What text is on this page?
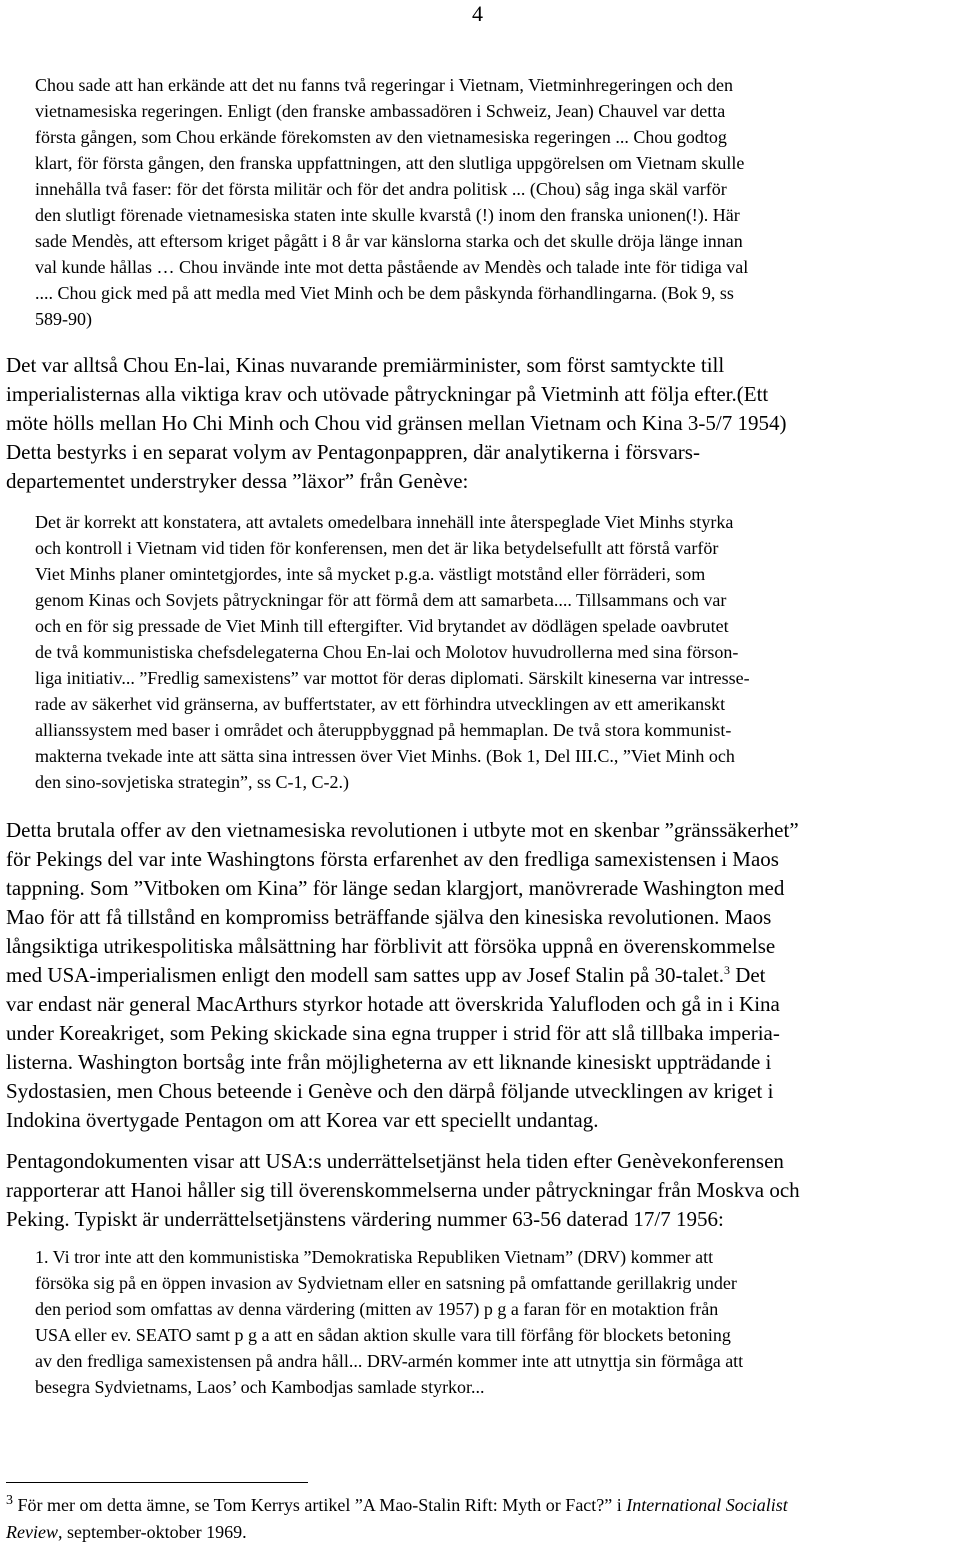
4
Chou sade att han erkände att det nu fanns två regeringar i Vietnam, Vietminhregeringen och den
vietnamesiska regeringen. Enligt (den franske ambassadören i Schweiz, Jean) Chauvel var detta
första gången, som Chou erkände förekomsten av den vietnamesiska regeringen ... Chou godtog
klart, för första gången, den franska uppfattningen, att den slutliga uppgörelsen om Vietnam skulle
innehålla två faser: för det första militär och för det andra politisk ... (Chou) såg inga skäl varför
den slutligt förenade vietnamesiska staten inte skulle kvarstå (!) inom den franska unionen(!). Här
sade Mendès, att eftersom kriget pågått i 8 år var känslorna starka och det skulle dröja länge innan
val kunde hållas … Chou invände inte mot detta påstående av Mendès och talade inte för tidiga val
.... Chou gick med på att medla med Viet Minh och be dem påskynda förhandlingarna. (Bok 9, ss
589-90)
Det var alltså Chou En-lai, Kinas nuvarande premiärminister, som först samtyckte till
imperialisternas alla viktiga krav och utövade påtryckningar på Vietminh att följa efter.(Ett
möte hölls mellan Ho Chi Minh och Chou vid gränsen mellan Vietnam och Kina 3-5/7 1954)
Detta bestyrks i en separat volym av Pentagonpappren, där analytikerna i försvars-
departementet understryker dessa ”läxor” från Genève:
Det är korrekt att konstatera, att avtalets omedelbara innehäll inte återspeglade Viet Minhs styrka
och kontroll i Vietnam vid tiden för konferensen, men det är lika betydelsefullt att förstå varför
Viet Minhs planer omintetgjordes, inte så mycket p.g.a. västligt motstånd eller förräderi, som
genom Kinas och Sovjets påtryckningar för att förmå dem att samarbeta.... Tillsammans och var
och en för sig pressade de Viet Minh till eftergifter. Vid brytandet av dödlägen spelade oavbrutet
de två kommunistiska chefsdelegaterna Chou En-lai och Molotov huvudrollerna med sina förson-
liga initiativ... ”Fredlig samexistens” var mottot för deras diplomati. Särskilt kineserna var intresse-
rade av säkerhet vid gränserna, av buffertstater, av ett förhindra utvecklingen av ett amerikanskt
allianssystem med baser i området och återuppbyggnad på hemmaplan. De två stora kommunist-
makterna tvekade inte att sätta sina intressen över Viet Minhs. (Bok 1, Del III.C., ”Viet Minh och
den sino-sovjetiska strategin”, ss C-1, C-2.)
Detta brutala offer av den vietnamesiska revolutionen i utbyte mot en skenbar ”gränssäkerhet”
för Pekings del var inte Washingtons första erfarenhet av den fredliga samexistensen i Maos
tappning. Som ”Vitboken om Kina” för länge sedan klargjort, manövrerade Washington med
Mao för att få tillstånd en kompromiss beträffande själva den kinesiska revolutionen. Maos
långsiktiga utrikespolitiska målsättning har förblivit att försöka uppnå en överenskommelse
med USA-imperialismen enligt den modell sam sattes upp av Josef Stalin på 30-talet.$^3$ Det
var endast när general MacArthurs styrkor hotade att överskrida Yalufloden och gå in i Kina
under Koreakriget, som Peking skickade sina egna trupper i strid för att slå tillbaka imperia-
listerna. Washington bortsåg inte från möjligheterna av ett liknande kinesiskt uppträdande i
Sydostasien, men Chous beteende i Genève och den därpå följande utvecklingen av kriget i
Indokina övertygade Pentagon om att Korea var ett speciellt undantag.
Pentagondokumenten visar att USA:s underrättelsetjänst hela tiden efter Genèvekonferensen
rapporterar att Hanoi håller sig till överenskommelserna under påtryckningar från Moskva och
Peking. Typiskt är underrättelsetjänstens värdering nummer 63-56 daterad 17/7 1956:
1. Vi tror inte att den kommunistiska ”Demokratiska Republiken Vietnam” (DRV) kommer att
försöka sig på en öppen invasion av Sydvietnam eller en satsning på omfattande gerillakrig under
den period som omfattas av denna värdering (mitten av 1957) p g a faran för en motaktion från
USA eller ev. SEATO samt p g a att en sådan aktion skulle vara till förfång för blockets betoning
av den fredliga samexistensen på andra håll... DRV-armén kommer inte att utnyttja sin förmåga att
besegra Sydvietnams, Laos’ och Kambodjas samlade styrkor...
$^3$ För mer om detta ämne, se Tom Kerrys artikel ”A Mao-Stalin Rift: Myth or Fact?” i International Socialist
Review, september-oktober 1969.
